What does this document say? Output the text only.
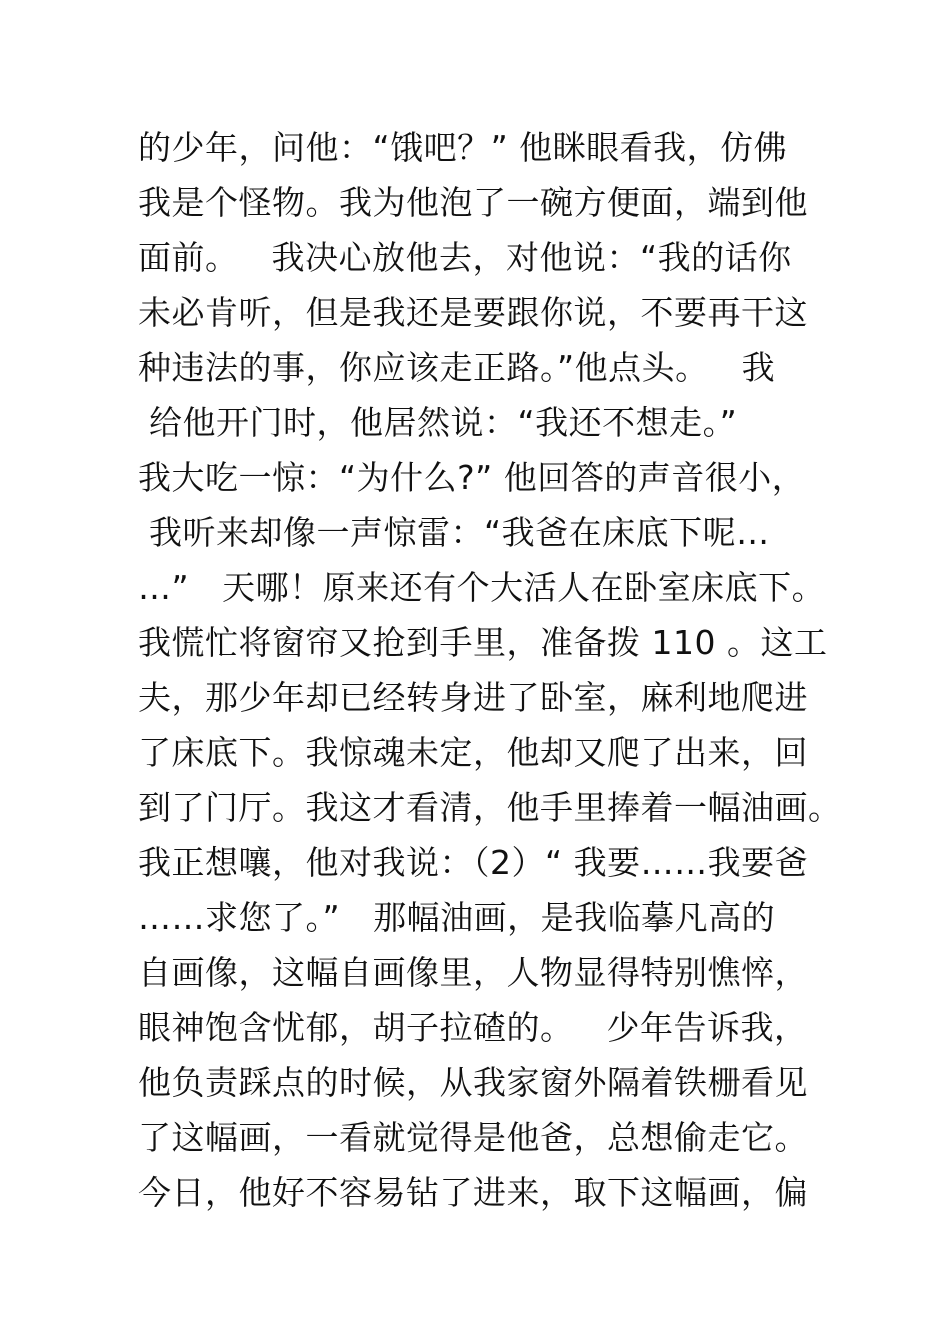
的少年，问他：“饿吧？” 他眯眼看我，仿佛
我是个怪物。我为他泡了一碗方便面，端到他
面前。   我决心放他去，对他说：“我的话你
未必肯听，但是我还是要跟你说，不要再干这
种违法的事，你应该走正路。”他点头。   我
给他开门时，他居然说：“我还不想走。”
我大吃一惊：“为什么?” 他回答的声音很小，
我听来却像一声惊雷：“我爸在床底下呢…
…”   天哪！原来还有个大活人在卧室床底下。
我慌忙将窗帘又抢到手里，准备拨 110 。这工
夫，那少年却已经转身进了卧室，麻利地爬进
了床底下。我惊魂未定，他却又爬了出来，回
到了门厅。我这才看清，他手里捧着一幅油画。
我正想嚷，他对我说：（2）“ 我要……我要爸
……求您了。”   那幅油画，是我临摹凡高的
自画像，这幅自画像里，人物显得特别憔悴，
眼神饱含忧郁，胡子拉碴的。   少年告诉我，
他负责踩点的时候，从我家窗外隔着铁栅看见
了这幅画，一看就觉得是他爸，总想偷走它。
今日，他好不容易钻了进来，取下这幅画，偏
